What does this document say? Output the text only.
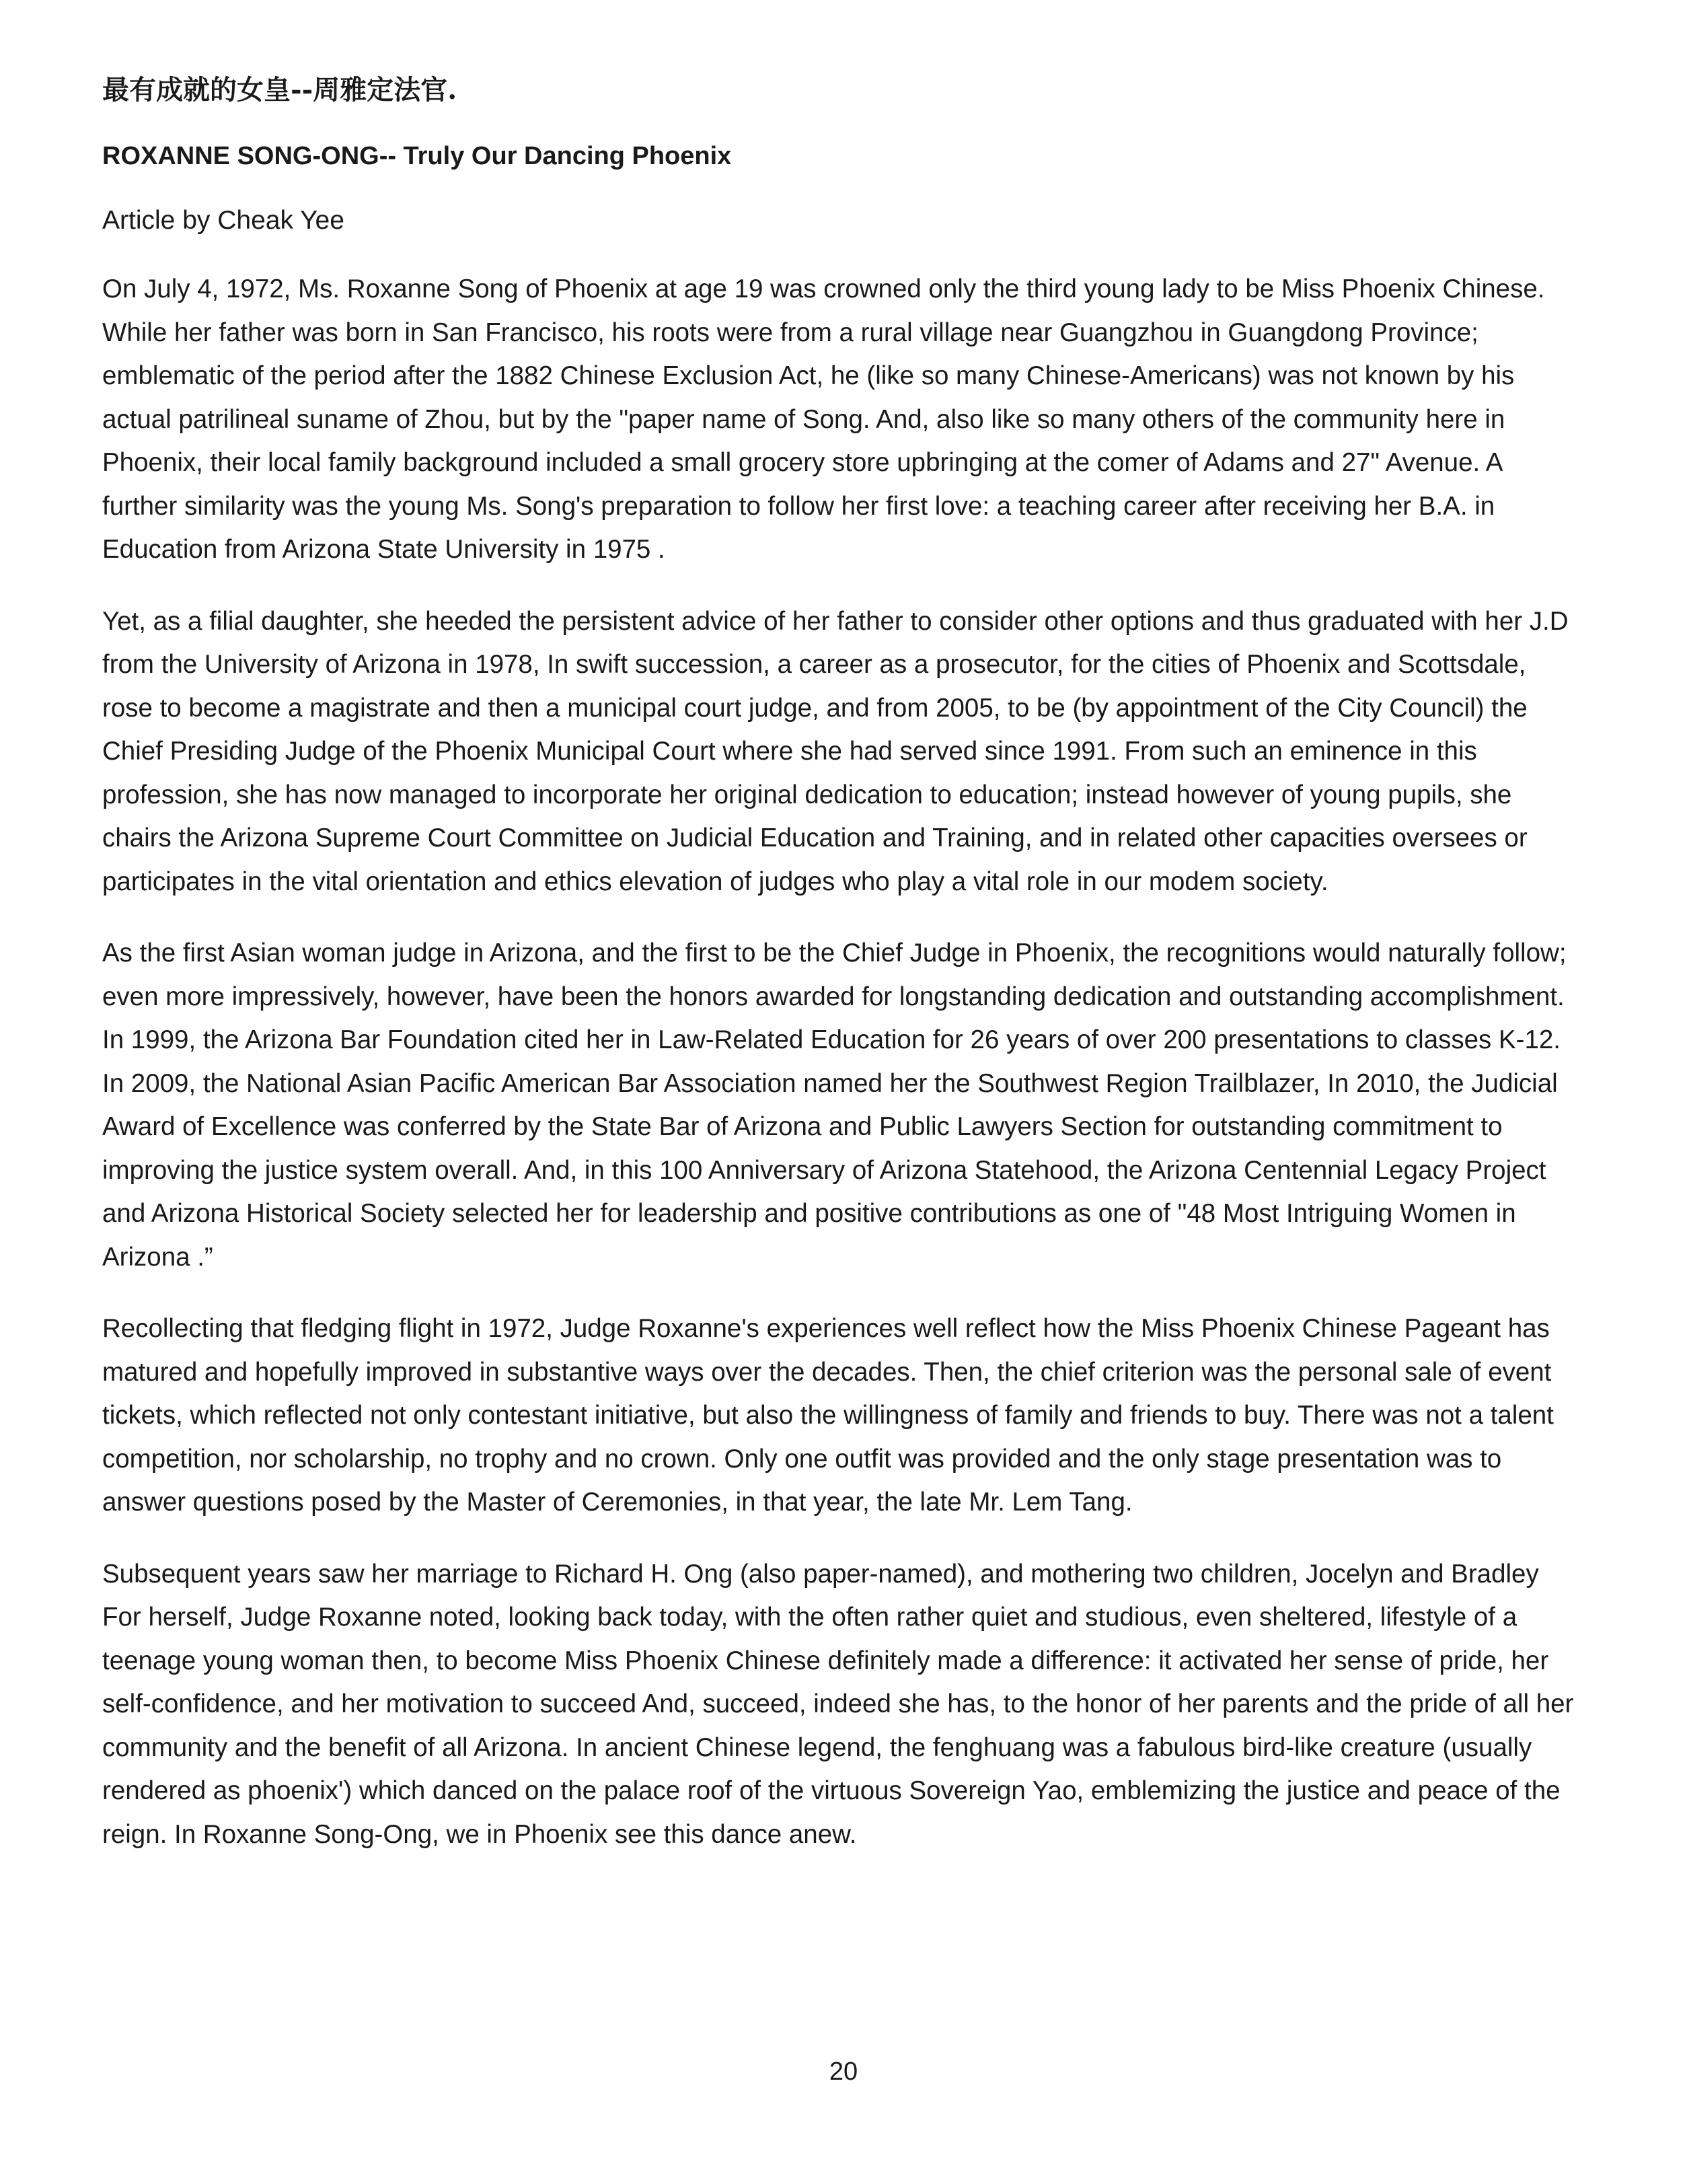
最有成就的女皇--周雅定法官.
ROXANNE SONG-ONG-- Truly Our Dancing Phoenix
Article by Cheak Yee

On July 4, 1972, Ms. Roxanne Song of Phoenix at age 19 was crowned only the third young lady to be Miss Phoenix Chinese. While her father was born in San Francisco, his roots were from a rural village near Guangzhou in Guangdong Province; emblematic of the period after the 1882 Chinese Exclusion Act, he (like so many Chinese-Americans) was not known by his actual patrilineal suname of Zhou, but by the "paper name of Song. And, also like so many others of the community here in Phoenix, their local family background included a small grocery store upbringing at the comer of Adams and 27" Avenue. A further similarity was the young Ms. Song's preparation to follow her first love: a teaching career after receiving her B.A. in Education from Arizona State University in 1975 .

Yet, as a filial daughter, she heeded the persistent advice of her father to consider other options and thus graduated with her J.D from the University of Arizona in 1978, In swift succession, a career as a prosecutor, for the cities of Phoenix and Scottsdale, rose to become a magistrate and then a municipal court judge, and from 2005, to be (by appointment of the City Council) the Chief Presiding Judge of the Phoenix Municipal Court where she had served since 1991. From such an eminence in this profession, she has now managed to incorporate her original dedication to education; instead however of young pupils, she chairs the Arizona Supreme Court Committee on Judicial Education and Training, and in related other capacities oversees or participates in the vital orientation and ethics elevation of judges who play a vital role in our modem society.

As the first Asian woman judge in Arizona, and the first to be the Chief Judge in Phoenix, the recognitions would naturally follow; even more impressively, however, have been the honors awarded for longstanding dedication and outstanding accomplishment. In 1999, the Arizona Bar Foundation cited her in Law-Related Education for 26 years of over 200 presentations to classes K-12. In 2009, the National Asian Pacific American Bar Association named her the Southwest Region Trailblazer, In 2010, the Judicial Award of Excellence was conferred by the State Bar of Arizona and Public Lawyers Section for outstanding commitment to improving the justice system overall. And, in this 100 Anniversary of Arizona Statehood, the Arizona Centennial Legacy Project and Arizona Historical Society selected her for leadership and positive contributions as one of "48 Most Intriguing Women in Arizona .”

Recollecting that fledging flight in 1972, Judge Roxanne's experiences well reflect how the Miss Phoenix Chinese Pageant has matured and hopefully improved in substantive ways over the decades. Then, the chief criterion was the personal sale of event tickets, which reflected not only contestant initiative, but also the willingness of family and friends to buy. There was not a talent competition, nor scholarship, no trophy and no crown. Only one outfit was provided and the only stage presentation was to answer questions posed by the Master of Ceremonies, in that year, the late Mr. Lem Tang.

Subsequent years saw her marriage to Richard H. Ong (also paper-named), and mothering two children, Jocelyn and Bradley For herself, Judge Roxanne noted, looking back today, with the often rather quiet and studious, even sheltered, lifestyle of a teenage young woman then, to become Miss Phoenix Chinese definitely made a difference: it activated her sense of pride, her self-confidence, and her motivation to succeed And, succeed, indeed she has, to the honor of her parents and the pride of all her community and the benefit of all Arizona. In ancient Chinese legend, the fenghuang was a fabulous bird-like creature (usually rendered as phoenix') which danced on the palace roof of the virtuous Sovereign Yao, emblemizing the justice and peace of the reign. In Roxanne Song-Ong, we in Phoenix see this dance anew.

20
